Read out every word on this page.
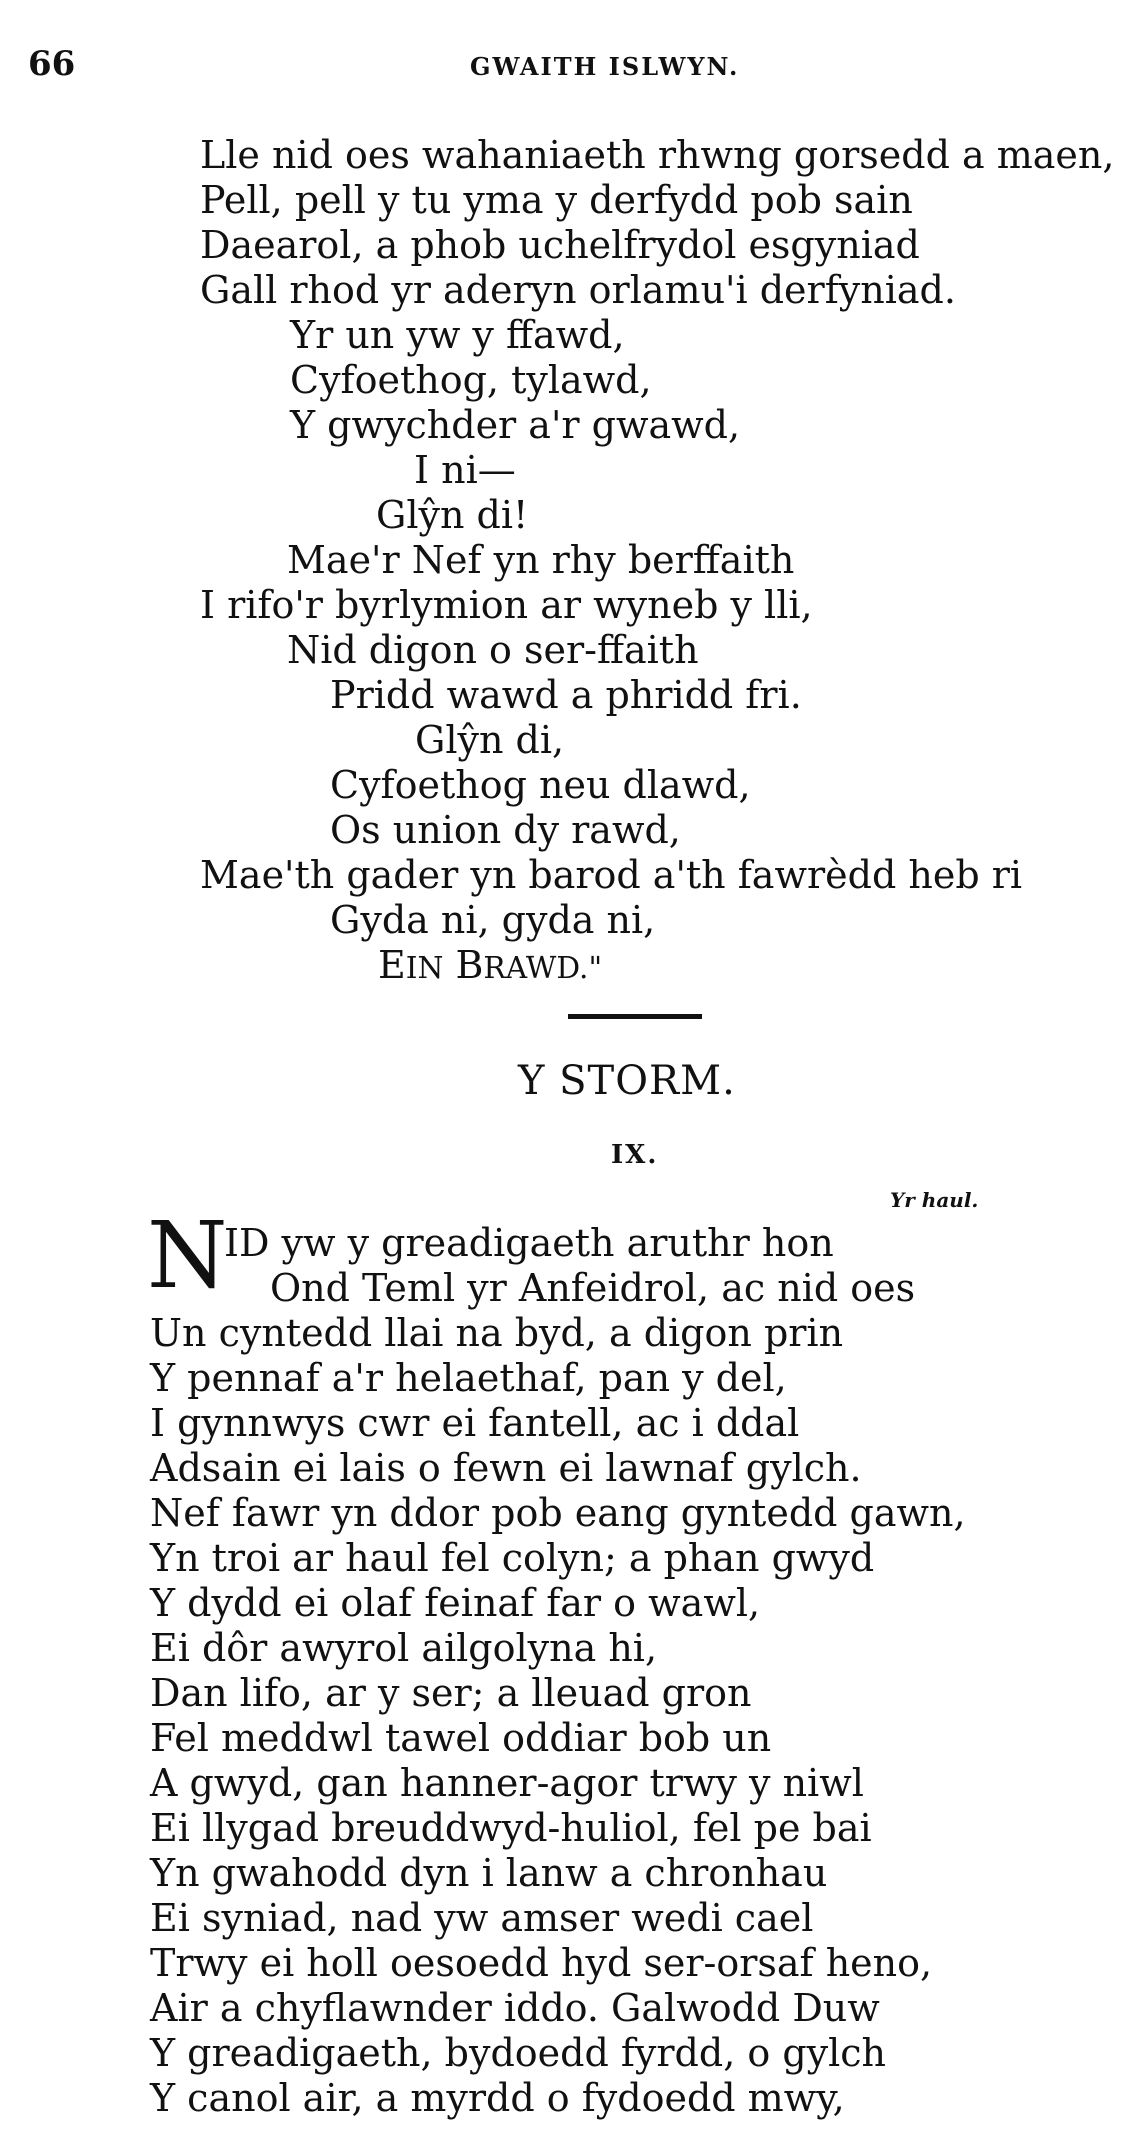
66	GWAITH ISLWYN.
Lle nid oes wahaniaeth rhwng gorsedd a maen,
Pell, pell y tu yma y derfydd pob sain
Daearol, a phob uchelfrydol esgyniad
Gall rhod yr aderyn orlamu'i derfyniad.
Yr un yw y ffawd,
Cyfoethog, tylawd,
Y gwychder a'r gwawd,
I ni—
Glŷn di!
Mae'r Nef yn rhy berffaith
I rifo'r byrlymion ar wyneb y lli,
Nid digon o ser-ffaith
Pridd wawd a phridd fri.
Glŷn di,
Cyfoethog neu dlawd,
Os union dy rawd,
Mae'th gader yn barod a'th fawrèdd heb ri
Gyda ni, gyda ni,
EIN BRAWD."
Y STORM.
IX.
Yr haul.
N
ID yw y greadigaeth aruthr hon
Ond Teml yr Anfeidrol, ac nid oes
Un cyntedd llai na byd, a digon prin
Y pennaf a'r helaethaf, pan y del,
I gynnwys cwr ei fantell, ac i ddal
Adsain ei lais o fewn ei lawnaf gylch.
Nef fawr yn ddor pob eang gyntedd gawn,
Yn troi ar haul fel colyn; a phan gwyd
Y dydd ei olaf feinaf far o wawl,
Ei dôr awyrol ailgolyna hi,
Dan lifo, ar y ser; a lleuad gron
Fel meddwl tawel oddiar bob un
A gwyd, gan hanner-agor trwy y niwl
Ei llygad breuddwyd-huliol, fel pe bai
Yn gwahodd dyn i lanw a chronhau
Ei syniad, nad yw amser wedi cael
Trwy ei holl oesoedd hyd ser-orsaf heno,
Air a chyflawnder iddo. Galwodd Duw
Y greadigaeth, bydoedd fyrdd, o gylch
Y canol air, a myrdd o fydoedd mwy,
